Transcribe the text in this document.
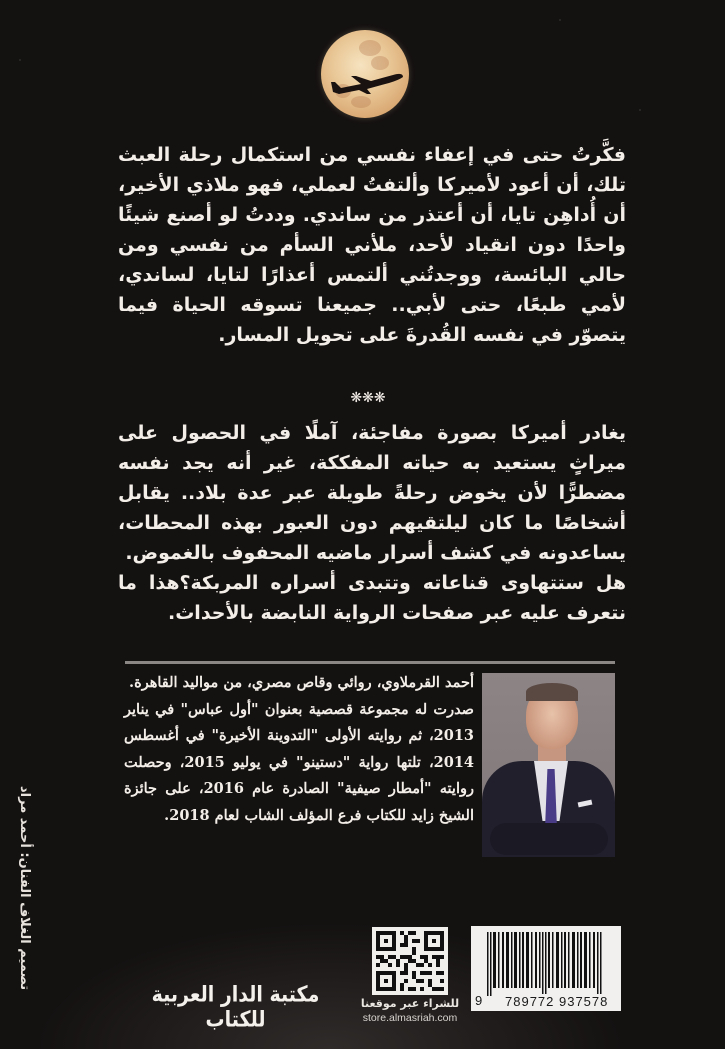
فكَّرتُ حتى في إعفاء نفسي من استكمال رحلة العبث تلك، أن أعود لأميركا وألتفتُ لعملي، فهو ملاذي الأخير، أن أُداهِن تايا، أن أعتذر من ساندي. وددتُ لو أصنع شيئًا واحدًا دون انقياد لأحد، ملأني السأم من نفسي ومن حالي البائسة، ووجدتُني ألتمس أعذارًا لتايا، لساندي، لأمي طبعًا، حتى لأبي.. جميعنا تسوقه الحياة فيما يتصوّر في نفسه القُدرةَ على تحويل المسار.

❋❋❋

يغادر أميركا بصورة مفاجئة، آملًا في الحصول على ميراثٍ يستعيد به حياته المفككة، غير أنه يجد نفسه مضطرًّا لأن يخوض رحلةً طويلة عبر عدة بلاد.. يقابل أشخاصًا ما كان ليلتقيهم دون العبور بهذه المحطات، يساعدونه في كشف أسرار ماضيه المحفوف بالغموض.

هل ستتهاوى قناعاته وتتبدى أسراره المربكة؟هذا ما نتعرف عليه عبر صفحات الرواية النابضة بالأحداث.

أحمد القرملاوي، روائي وقاص مصري، من مواليد القاهرة.

صدرت له مجموعة قصصية بعنوان "أول عباس" في يناير 2013، ثم روايته الأولى "التدوينة الأخيرة" في أغسطس 2014، تلتها رواية "دستينو" في يوليو 2015، وحصلت روايته "أمطار صيفية" الصادرة عام 2016، على جائزة الشيخ زايد للكتاب فرع المؤلف الشاب لعام 2018.

تصميم الغلاف الفنان: أحمد مراد
مكتبة الدار العربية للكتاب
للشراء عبر موقعنا
store.almasriah.com
9 789772 937578
